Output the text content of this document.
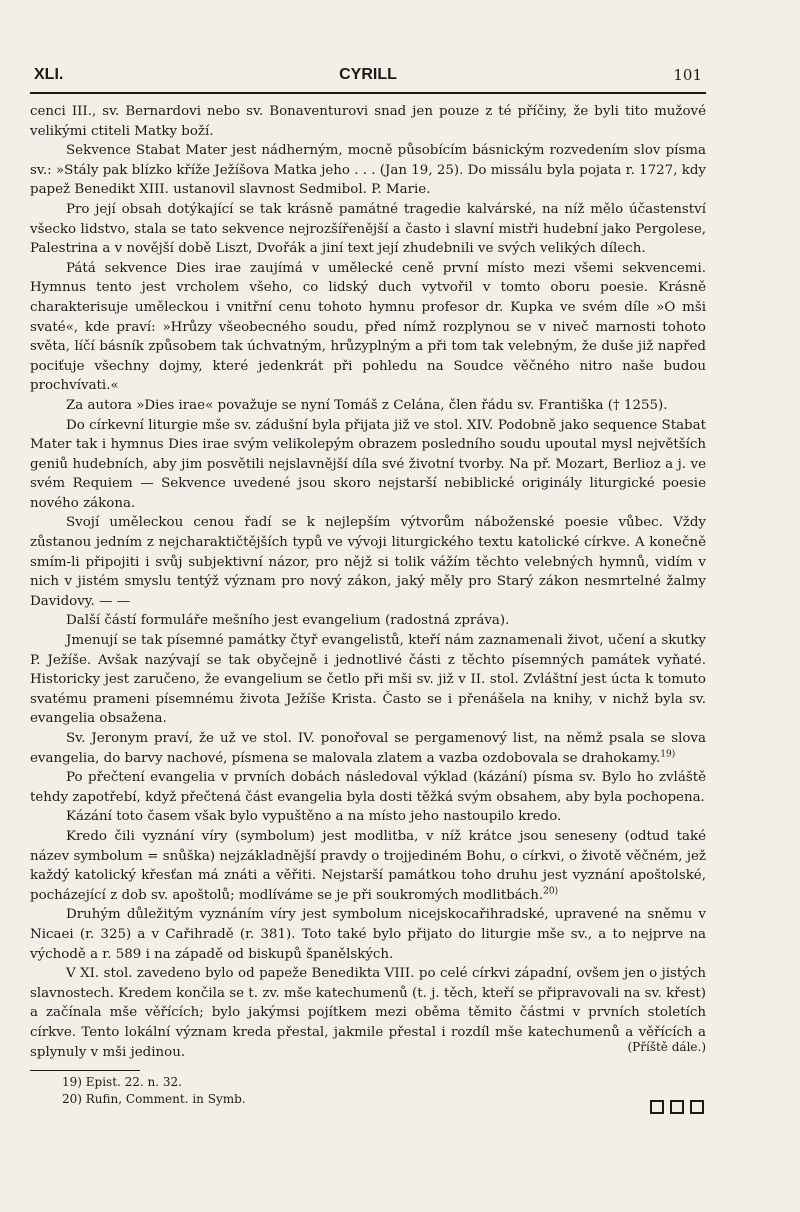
XLI.	CYRILL	101

cenci III., sv. Bernardovi nebo sv. Bonaventurovi snad jen pouze z té příčiny, že byli tito mužové velikými ctiteli Matky boží.

Sekvence Stabat Mater jest nádherným, mocně působícím básnickým rozvedením slov písma sv.: »Stály pak blízko kříže Ježíšova Matka jeho . . . (Jan 19, 25). Do missálu byla pojata r. 1727, kdy papež Benedikt XIII. ustanovil slavnost Sedmibol. P. Marie.

Pro její obsah dotýkající se tak krásně památné tragedie kalvárské, na níž mělo účastenství všecko lidstvo, stala se tato sekvence nejrozšířenější a často i slavní mistři hudební jako Pergolese, Palestrina a v novější době Liszt, Dvořák a jiní text její zhudebnili ve svých velikých dílech.

Pátá sekvence Dies irae zaujímá v umělecké ceně první místo mezi všemi sekvencemi. Hymnus tento jest vrcholem všeho, co lidský duch vytvořil v tomto oboru poesie. Krásně charakterisuje uměleckou i vnitřní cenu tohoto hymnu profesor dr. Kupka ve svém díle »O mši svaté«, kde praví: »Hrůzy všeobecného soudu, před nímž rozplynou se v niveč marnosti tohoto světa, líčí básník způsobem tak úchvatným, hrůzyplným a při tom tak velebným, že duše již napřed pociťuje všechny dojmy, které jedenkrát při pohledu na Soudce věčného nitro naše budou prochvívati.«

Za autora »Dies irae« považuje se nyní Tomáš z Celána, člen řádu sv. Františka († 1255).

Do církevní liturgie mše sv. zádušní byla přijata již ve stol. XIV. Podobně jako sequence Stabat Mater tak i hymnus Dies irae svým velikolepým obrazem posledního soudu upoutal mysl největších geniů hudebních, aby jim posvětili nejslavnější díla své životní tvorby. Na př. Mozart, Berlioz a j. ve svém Requiem — Sekvence uvedené jsou skoro nejstarší nebiblické originály liturgické poesie nového zákona.

Svojí uměleckou cenou řadí se k nejlepším výtvorům náboženské poesie vůbec. Vždy zůstanou jedním z nejcharaktičtějších typů ve vývoji liturgického textu katolické církve. A konečně smím-li připojiti i svůj subjektivní názor, pro nějž si tolik vážím těchto velebných hymnů, vidím v nich v jistém smyslu tentýž význam pro nový zákon, jaký měly pro Starý zákon nesmrtelné žalmy Davidovy. — —

Další částí formuláře mešního jest evangelium (radostná zpráva).

Jmenují se tak písemné památky čtyř evangelistů, kteří nám zaznamenali život, učení a skutky P. Ježíše. Avšak nazývají se tak obyčejně i jednotlivé části z těchto písemných památek vyňaté. Historicky jest zaručeno, že evangelium se četlo při mši sv. již v II. stol. Zvláštní jest úcta k tomuto svatému prameni písemnému života Ježíše Krista. Často se i přenášela na knihy, v nichž byla sv. evangelia obsažena.

Sv. Jeronym praví, že už ve stol. IV. ponořoval se pergamenový list, na němž psala se slova evangelia, do barvy nachové, písmena se malovala zlatem a vazba ozdobovala se drahokamy.$^{19)}$

Po přečtení evangelia v prvních dobách následoval výklad (kázání) písma sv. Bylo ho zvláště tehdy zapotřebí, když přečtená část evangelia byla dosti těžká svým obsahem, aby byla pochopena.

Kázání toto časem však bylo vypuštěno a na místo jeho nastoupilo kredo.

Kredo čili vyznání víry (symbolum) jest modlitba, v níž krátce jsou seneseny (odtud také název symbolum = snůška) nejzákladnější pravdy o trojjediném Bohu, o církvi, o životě věčném, jež každý katolický křesťan má znáti a věřiti. Nejstarší památkou toho druhu jest vyznání apoštolské, pocházející z dob sv. apoštolů; modlíváme se je při soukromých modlitbách.$^{20)}$

Druhým důležitým vyznáním víry jest symbolum nicejskocařihradské, upravené na sněmu v Nicaei (r. 325) a v Cařihradě (r. 381). Toto také bylo přijato do liturgie mše sv., a to nejprve na východě a r. 589 i na západě od biskupů španělských.

V XI. stol. zavedeno bylo od papeže Benedikta VIII. po celé církvi západní, ovšem jen o jistých slavnostech. Kredem končila se t. zv. mše katechumenů (t. j. těch, kteří se připravovali na sv. křest) a začínala mše věřících; bylo jakýmsi pojítkem mezi oběma těmito částmi v prvních stoletích církve. Tento lokální význam kreda přestal, jakmile přestal i rozdíl mše katechumenů a věřících a splynuly v mši jedinou.	(Příště dále.)
19) Epist. 22. n. 32.
20) Rufin, Comment. in Symb.
